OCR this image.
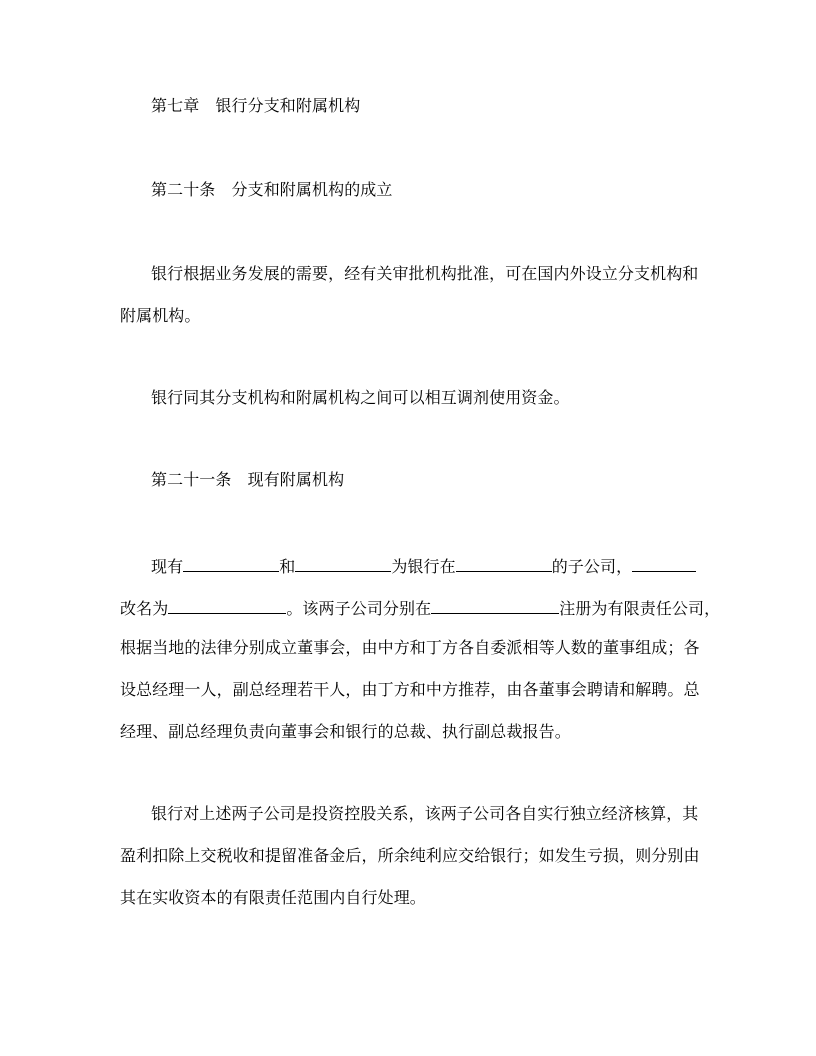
第七章　银行分支和附属机构
第二十条　分支和附属机构的成立
银行根据业务发展的需要，经有关审批机构批准，可在国内外设立分支机构和
附属机构。
银行同其分支机构和附属机构之间可以相互调剂使用资金。
第二十一条　现有附属机构
现有	和	为银行在	的子公司，
改名为	。该两子公司分别在	注册为有限责任公司，
根据当地的法律分别成立董事会，由中方和丁方各自委派相等人数的董事组成；各
设总经理一人，副总经理若干人，由丁方和中方推荐，由各董事会聘请和解聘。总
经理、副总经理负责向董事会和银行的总裁、执行副总裁报告。
银行对上述两子公司是投资控股关系，该两子公司各自实行独立经济核算，其
盈利扣除上交税收和提留准备金后，所余纯利应交给银行；如发生亏损，则分别由
其在实收资本的有限责任范围内自行处理。
